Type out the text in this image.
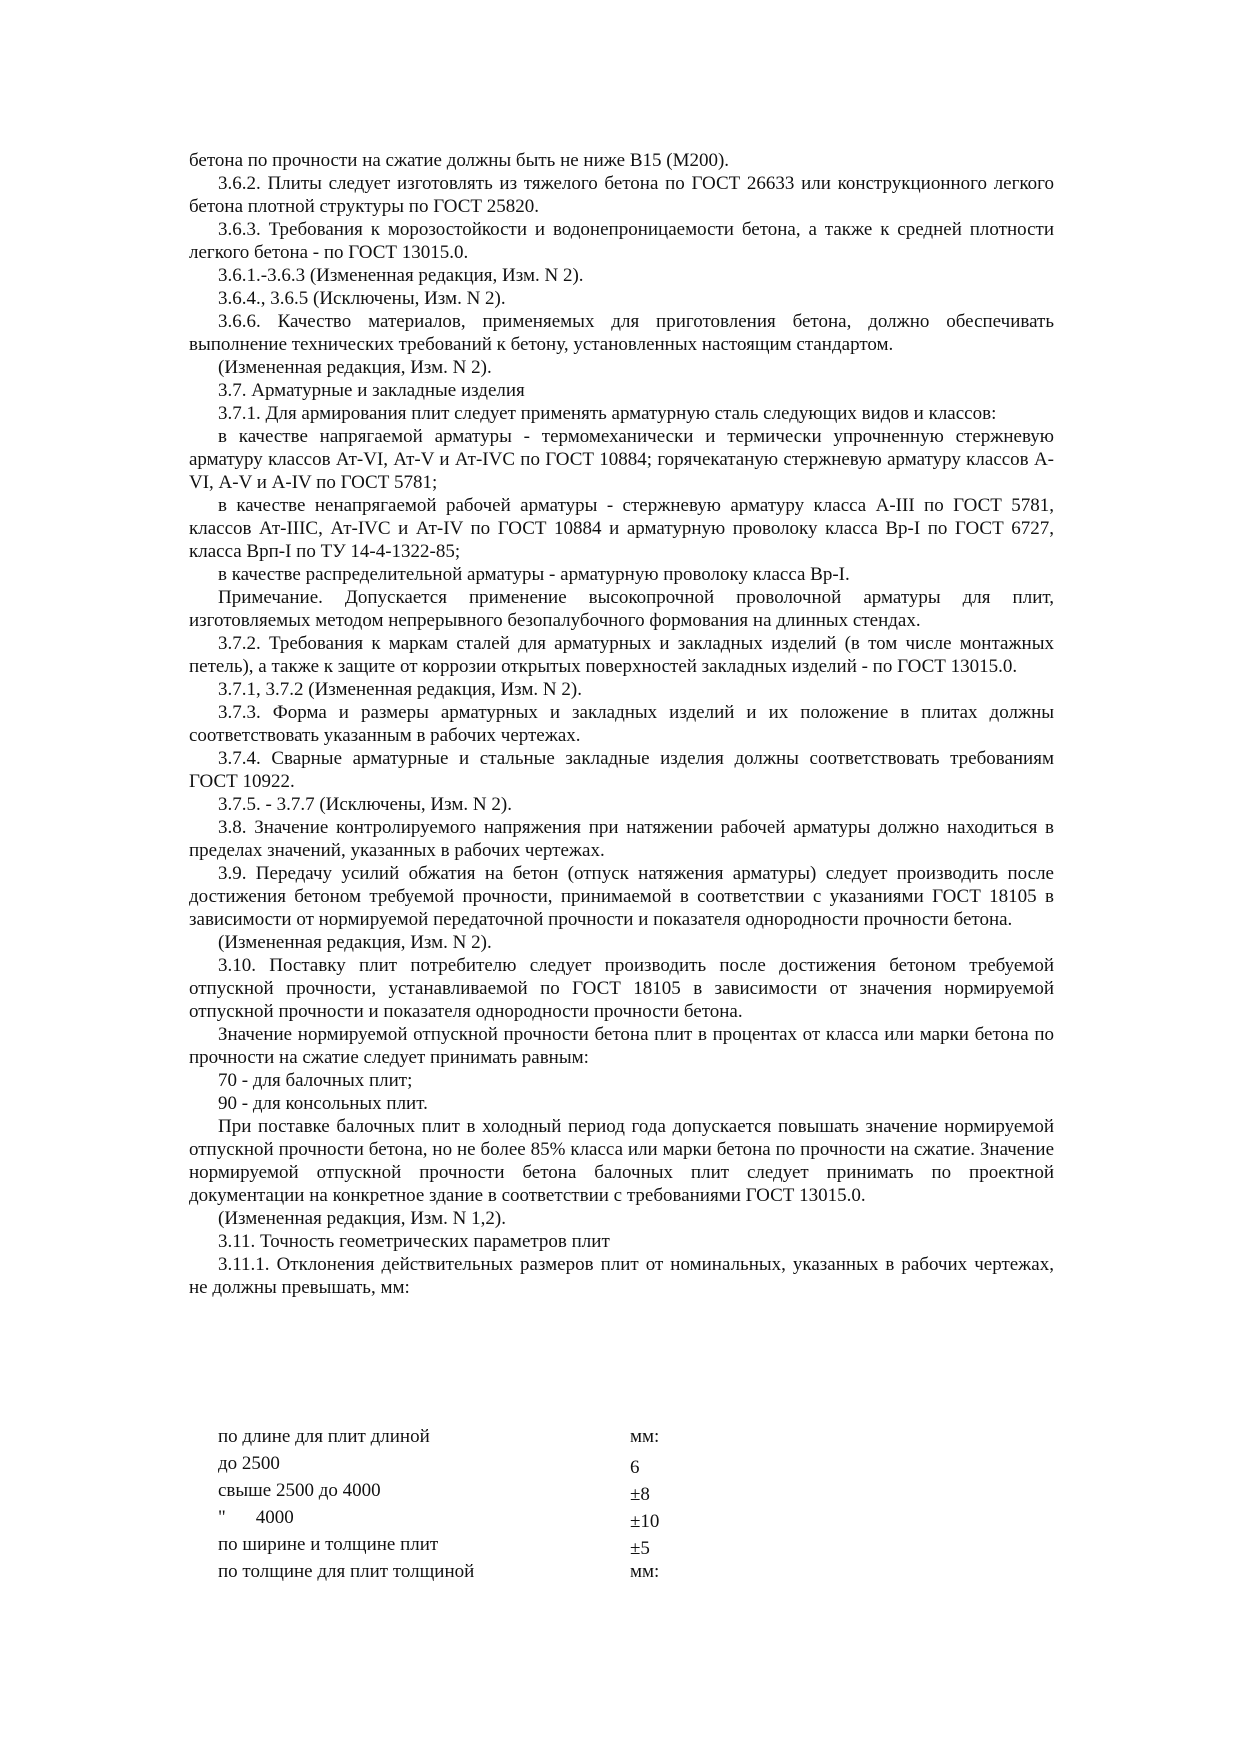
бетона по прочности на сжатие должны быть не ниже В15 (М200).

3.6.2. Плиты следует изготовлять из тяжелого бетона по ГОСТ 26633 или конструкционного легкого бетона плотной структуры по ГОСТ 25820.

3.6.3. Требования к морозостойкости и водонепроницаемости бетона, а также к средней плотности легкого бетона - по ГОСТ 13015.0.

3.6.1.-3.6.3 (Измененная редакция, Изм. N 2).

3.6.4., 3.6.5 (Исключены, Изм. N 2).

3.6.6. Качество материалов, применяемых для приготовления бетона, должно обеспечивать выполнение технических требований к бетону, установленных настоящим стандартом.

(Измененная редакция, Изм. N 2).

3.7. Арматурные и закладные изделия

3.7.1. Для армирования плит следует применять арматурную сталь следующих видов и классов:

в качестве напрягаемой арматуры - термомеханически и термически упрочненную стержневую арматуру классов Ат-VI, Ат-V и Ат-IVС по ГОСТ 10884; горячекатаную стержневую арматуру классов А-VI, А-V и А-IV по ГОСТ 5781;

в качестве ненапрягаемой рабочей арматуры - стержневую арматуру класса А-III по ГОСТ 5781, классов Ат-IIIС, Ат-IVС и Ат-IV по ГОСТ 10884 и арматурную проволоку класса Вр-I по ГОСТ 6727, класса Врп-I по ТУ 14-4-1322-85;

в качестве распределительной арматуры - арматурную проволоку класса Вр-I.

Примечание. Допускается применение высокопрочной проволочной арматуры для плит, изготовляемых методом непрерывного безопалубочного формования на длинных стендах.

3.7.2. Требования к маркам сталей для арматурных и закладных изделий (в том числе монтажных петель), а также к защите от коррозии открытых поверхностей закладных изделий - по ГОСТ 13015.0.

3.7.1, 3.7.2 (Измененная редакция, Изм. N 2).

3.7.3. Форма и размеры арматурных и закладных изделий и их положение в плитах должны соответствовать указанным в рабочих чертежах.

3.7.4. Сварные арматурные и стальные закладные изделия должны соответствовать требованиям ГОСТ 10922.

3.7.5. - 3.7.7 (Исключены, Изм. N 2).

3.8. Значение контролируемого напряжения при натяжении рабочей арматуры должно находиться в пределах значений, указанных в рабочих чертежах.

3.9. Передачу усилий обжатия на бетон (отпуск натяжения арматуры) следует производить после достижения бетоном требуемой прочности, принимаемой в соответствии с указаниями ГОСТ 18105 в зависимости от нормируемой передаточной прочности и показателя однородности прочности бетона.

(Измененная редакция, Изм. N 2).

3.10. Поставку плит потребителю следует производить после достижения бетоном требуемой отпускной прочности, устанавливаемой по ГОСТ 18105 в зависимости от значения нормируемой отпускной прочности и показателя однородности прочности бетона.

Значение нормируемой отпускной прочности бетона плит в процентах от класса или марки бетона по прочности на сжатие следует принимать равным:

70 - для балочных плит;

90 - для консольных плит.

При поставке балочных плит в холодный период года допускается повышать значение нормируемой отпускной прочности бетона, но не более 85% класса или марки бетона по прочности на сжатие. Значение нормируемой отпускной прочности бетона балочных плит следует принимать по проектной документации на конкретное здание в соответствии с требованиями ГОСТ 13015.0.

(Измененная редакция, Изм. N 1,2).

3.11. Точность геометрических параметров плит

3.11.1. Отклонения действительных размеров плит от номинальных, указанных в рабочих чертежах, не должны превышать, мм:

по длине для плит длиной	мм:
до 2500	6
свыше 2500 до 4000	±8
" 4000	±10
по ширине и толщине плит	±5
по толщине для плит толщиной	мм:
